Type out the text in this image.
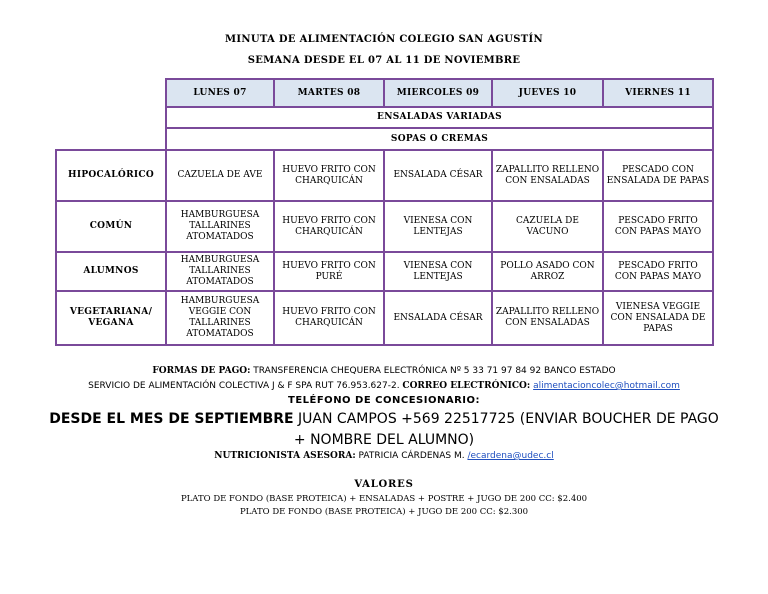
MINUTA DE ALIMENTACIÓN COLEGIO SAN AGUSTÍN
SEMANA DESDE EL 07 AL 11 DE NOVIEMBRE
	LUNES 07	MARTES 08	MIERCOLES 09	JUEVES 10	VIERNES 11
	ENSALADAS VARIADAS				
	SOPAS O CREMAS				
HIPOCALÓRICO	CAZUELA DE AVE	HUEVO FRITO CON CHARQUICÁN	ENSALADA CÉSAR	ZAPALLITO RELLENO CON ENSALADAS	PESCADO CON ENSALADA DE PAPAS
COMÚN	HAMBURGUESA TALLARINES ATOMATADOS	HUEVO FRITO CON CHARQUICÁN	VIENESA CON LENTEJAS	CAZUELA DE VACUNO	PESCADO FRITO CON PAPAS MAYO
ALUMNOS	HAMBURGUESA TALLARINES ATOMATADOS	HUEVO FRITO CON PURÉ	VIENESA CON LENTEJAS	POLLO ASADO CON ARROZ	PESCADO FRITO CON PAPAS MAYO
VEGETARIANA/ VEGANA	HAMBURGUESA VEGGIE CON TALLARINES ATOMATADOS	HUEVO FRITO CON CHARQUICÁN	ENSALADA CÉSAR	ZAPALLITO RELLENO CON ENSALADAS	VIENESA VEGGIE CON ENSALADA DE PAPAS
FORMAS DE PAGO: TRANSFERENCIA CHEQUERA ELECTRÓNICA Nº 5 33 71 97 84 92 BANCO ESTADO
SERVICIO DE ALIMENTACIÓN COLECTIVA J & F SPA RUT 76.953.627-2. CORREO ELECTRÓNICO: alimentacioncolec@hotmail.com
TELÉFONO DE CONCESIONARIO:
DESDE EL MES DE SEPTIEMBRE JUAN CAMPOS +569 22517725 (ENVIAR BOUCHER DE PAGO
+ NOMBRE DEL ALUMNO)
NUTRICIONISTA ASESORA: PATRICIA CÁRDENAS M. /ecardena@udec.cl
VALORES
PLATO DE FONDO (BASE PROTEICA) + ENSALADAS + POSTRE + JUGO DE 200 CC: $2.400
PLATO DE FONDO (BASE PROTEICA) + JUGO DE 200 CC: $2.300
